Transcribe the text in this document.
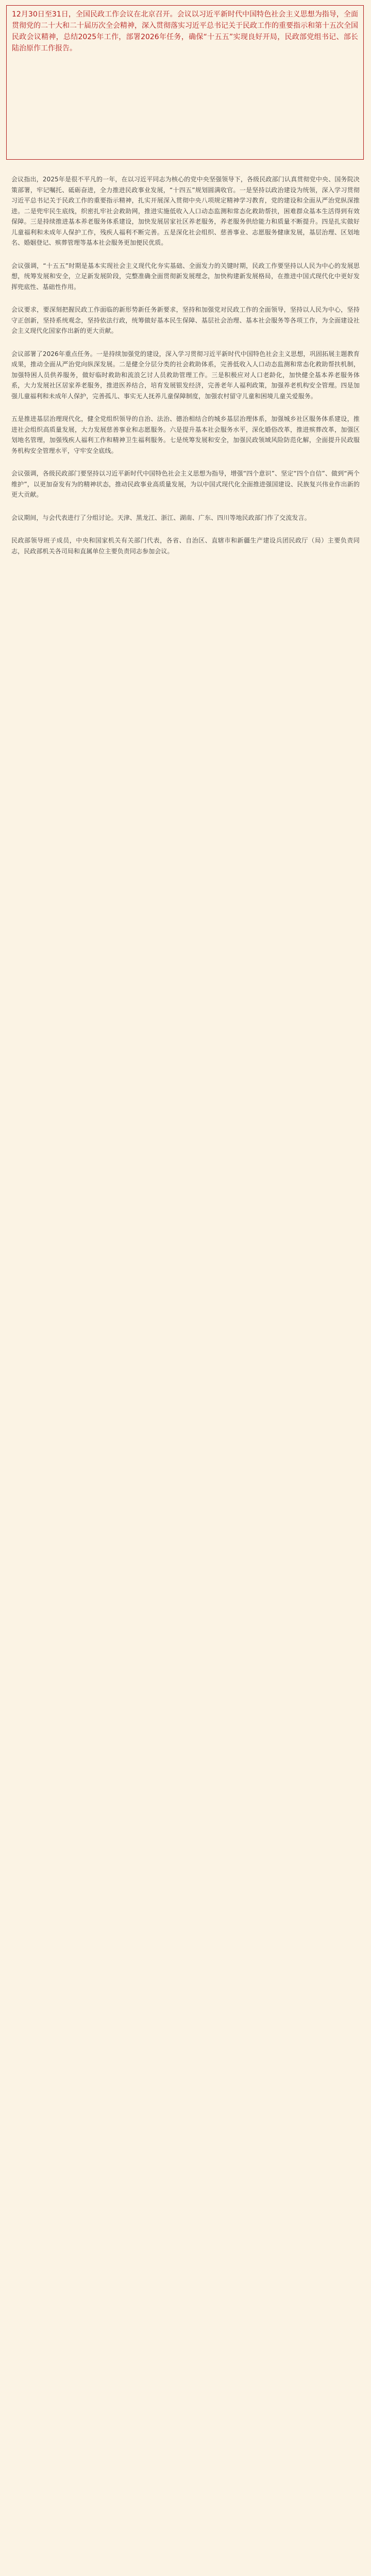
12月30日至31日，全国民政工作会议在北京召开。会议以习近平新时代中国特色社会主义思想为指导，全面贯彻党的二十大和二十届历次全会精神，深入贯彻落实习近平总书记关于民政工作的重要指示和第十五次全国民政会议精神，总结2025年工作，部署2026年任务，确保“十五五”实现良好开局，民政部党组书记、部长陆治原作工作报告。

会议指出，2025年是很不平凡的一年，在以习近平同志为核心的党中央坚强领导下，各级民政部门认真贯彻党中央、国务院决策部署，牢记嘱托、砥砺奋进，全力推进民政事业发展，“十四五”规划圆满收官。一是坚持以政治建设为统领，深入学习贯彻习近平总书记关于民政工作的重要指示精神，扎实开展深入贯彻中央八项规定精神学习教育，党的建设和全面从严治党纵深推进。二是兜牢民生底线，织密扎牢社会救助网，推进实施低收入人口动态监测和常态化救助帮扶，困难群众基本生活得到有效保障。三是持续推进基本养老服务体系建设，加快发展居家社区养老服务，养老服务供给能力和质量不断提升。四是扎实做好儿童福利和未成年人保护工作，残疾人福利不断完善。五是深化社会组织、慈善事业、志愿服务健康发展，基层治理、区划地名、婚姻登记、殡葬管理等基本社会服务更加便民优质。

会议强调，“十五五”时期是基本实现社会主义现代化夯实基础、全面发力的关键时期，民政工作要坚持以人民为中心的发展思想，统筹发展和安全，立足新发展阶段，完整准确全面贯彻新发展理念，加快构建新发展格局，在推进中国式现代化中更好发挥兜底性、基础性作用。

会议要求，要深刻把握民政工作面临的新形势新任务新要求，坚持和加强党对民政工作的全面领导，坚持以人民为中心，坚持守正创新，坚持系统观念，坚持依法行政，统筹做好基本民生保障、基层社会治理、基本社会服务等各项工作，为全面建设社会主义现代化国家作出新的更大贡献。

会议部署了2026年重点任务。一是持续加强党的建设，深入学习贯彻习近平新时代中国特色社会主义思想，巩固拓展主题教育成果，推动全面从严治党向纵深发展。二是健全分层分类的社会救助体系，完善低收入人口动态监测和常态化救助帮扶机制，加强特困人员供养服务，做好临时救助和流浪乞讨人员救助管理工作。三是积极应对人口老龄化，加快健全基本养老服务体系，大力发展社区居家养老服务，推进医养结合，培育发展银发经济，完善老年人福利政策，加强养老机构安全管理。四是加强儿童福利和未成年人保护，完善孤儿、事实无人抚养儿童保障制度，加强农村留守儿童和困境儿童关爱服务。

五是推进基层治理现代化，健全党组织领导的自治、法治、德治相结合的城乡基层治理体系，加强城乡社区服务体系建设，推进社会组织高质量发展，大力发展慈善事业和志愿服务。六是提升基本社会服务水平，深化婚俗改革，推进殡葬改革，加强区划地名管理，加强残疾人福利工作和精神卫生福利服务。七是统筹发展和安全，加强民政领域风险防范化解，全面提升民政服务机构安全管理水平，守牢安全底线。

会议强调，各级民政部门要坚持以习近平新时代中国特色社会主义思想为指导，增强“四个意识”、坚定“四个自信”、做到“两个维护”，以更加奋发有为的精神状态，推动民政事业高质量发展，为以中国式现代化全面推进强国建设、民族复兴伟业作出新的更大贡献。

会议期间，与会代表进行了分组讨论。天津、黑龙江、浙江、湖南、广东、四川等地民政部门作了交流发言。

民政部领导班子成员，中央和国家机关有关部门代表，各省、自治区、直辖市和新疆生产建设兵团民政厅（局）主要负责同志，民政部机关各司局和直属单位主要负责同志参加会议。
